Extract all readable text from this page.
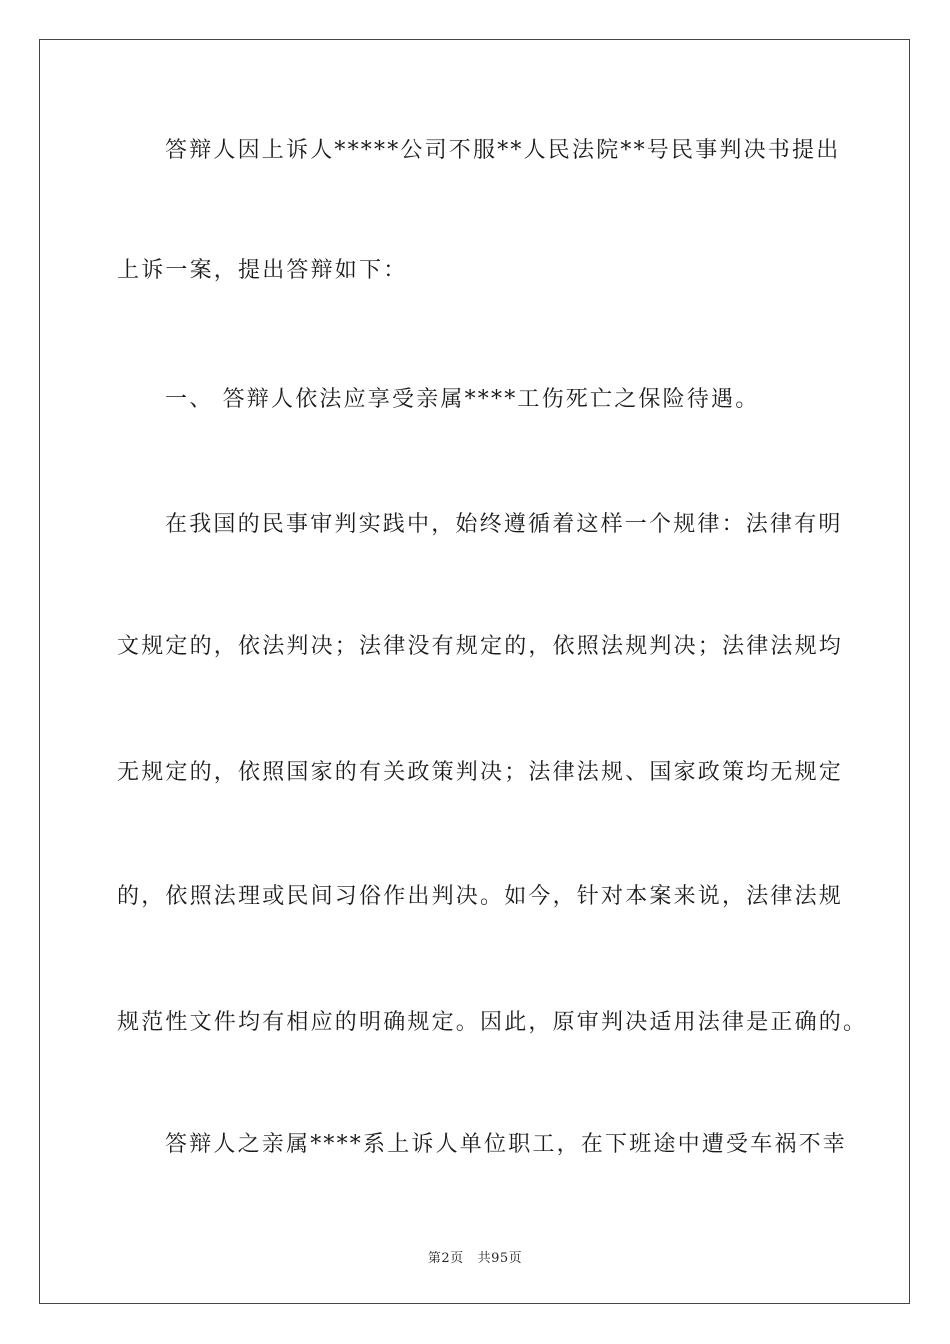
答辩人因上诉人*****公司不服**人民法院**号民事判决书提出
上诉一案，提出答辩如下：
一、 答辩人依法应享受亲属****工伤死亡之保险待遇。
在我国的民事审判实践中，始终遵循着这样一个规律：法律有明
文规定的，依法判决；法律没有规定的，依照法规判决；法律法规均
无规定的，依照国家的有关政策判决；法律法规、国家政策均无规定
的，依照法理或民间习俗作出判决。如今，针对本案来说，法律法规
规范性文件均有相应的明确规定。因此，原审判决适用法律是正确的。
答辩人之亲属****系上诉人单位职工，在下班途中遭受车祸不幸
第2页 共95页
